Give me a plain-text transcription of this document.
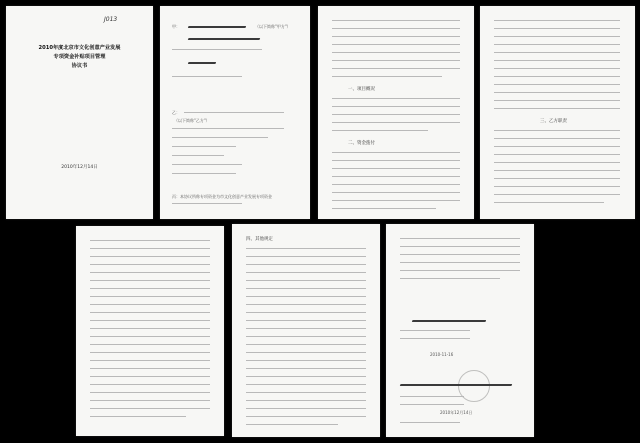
J013
2010年度北京市文化创意产业发展
专项资金补贴项目管理
协议书
2010年12月14日
甲：	（以下简称"甲方"）
乙：
（以下简称"乙方"）
丙：本协议所称专项资金为市文化创意产业发展专项资金
一、项目概况
二、资金拨付
三、乙方职责
四、其他规定
2010-11-16
2010年12月14日
